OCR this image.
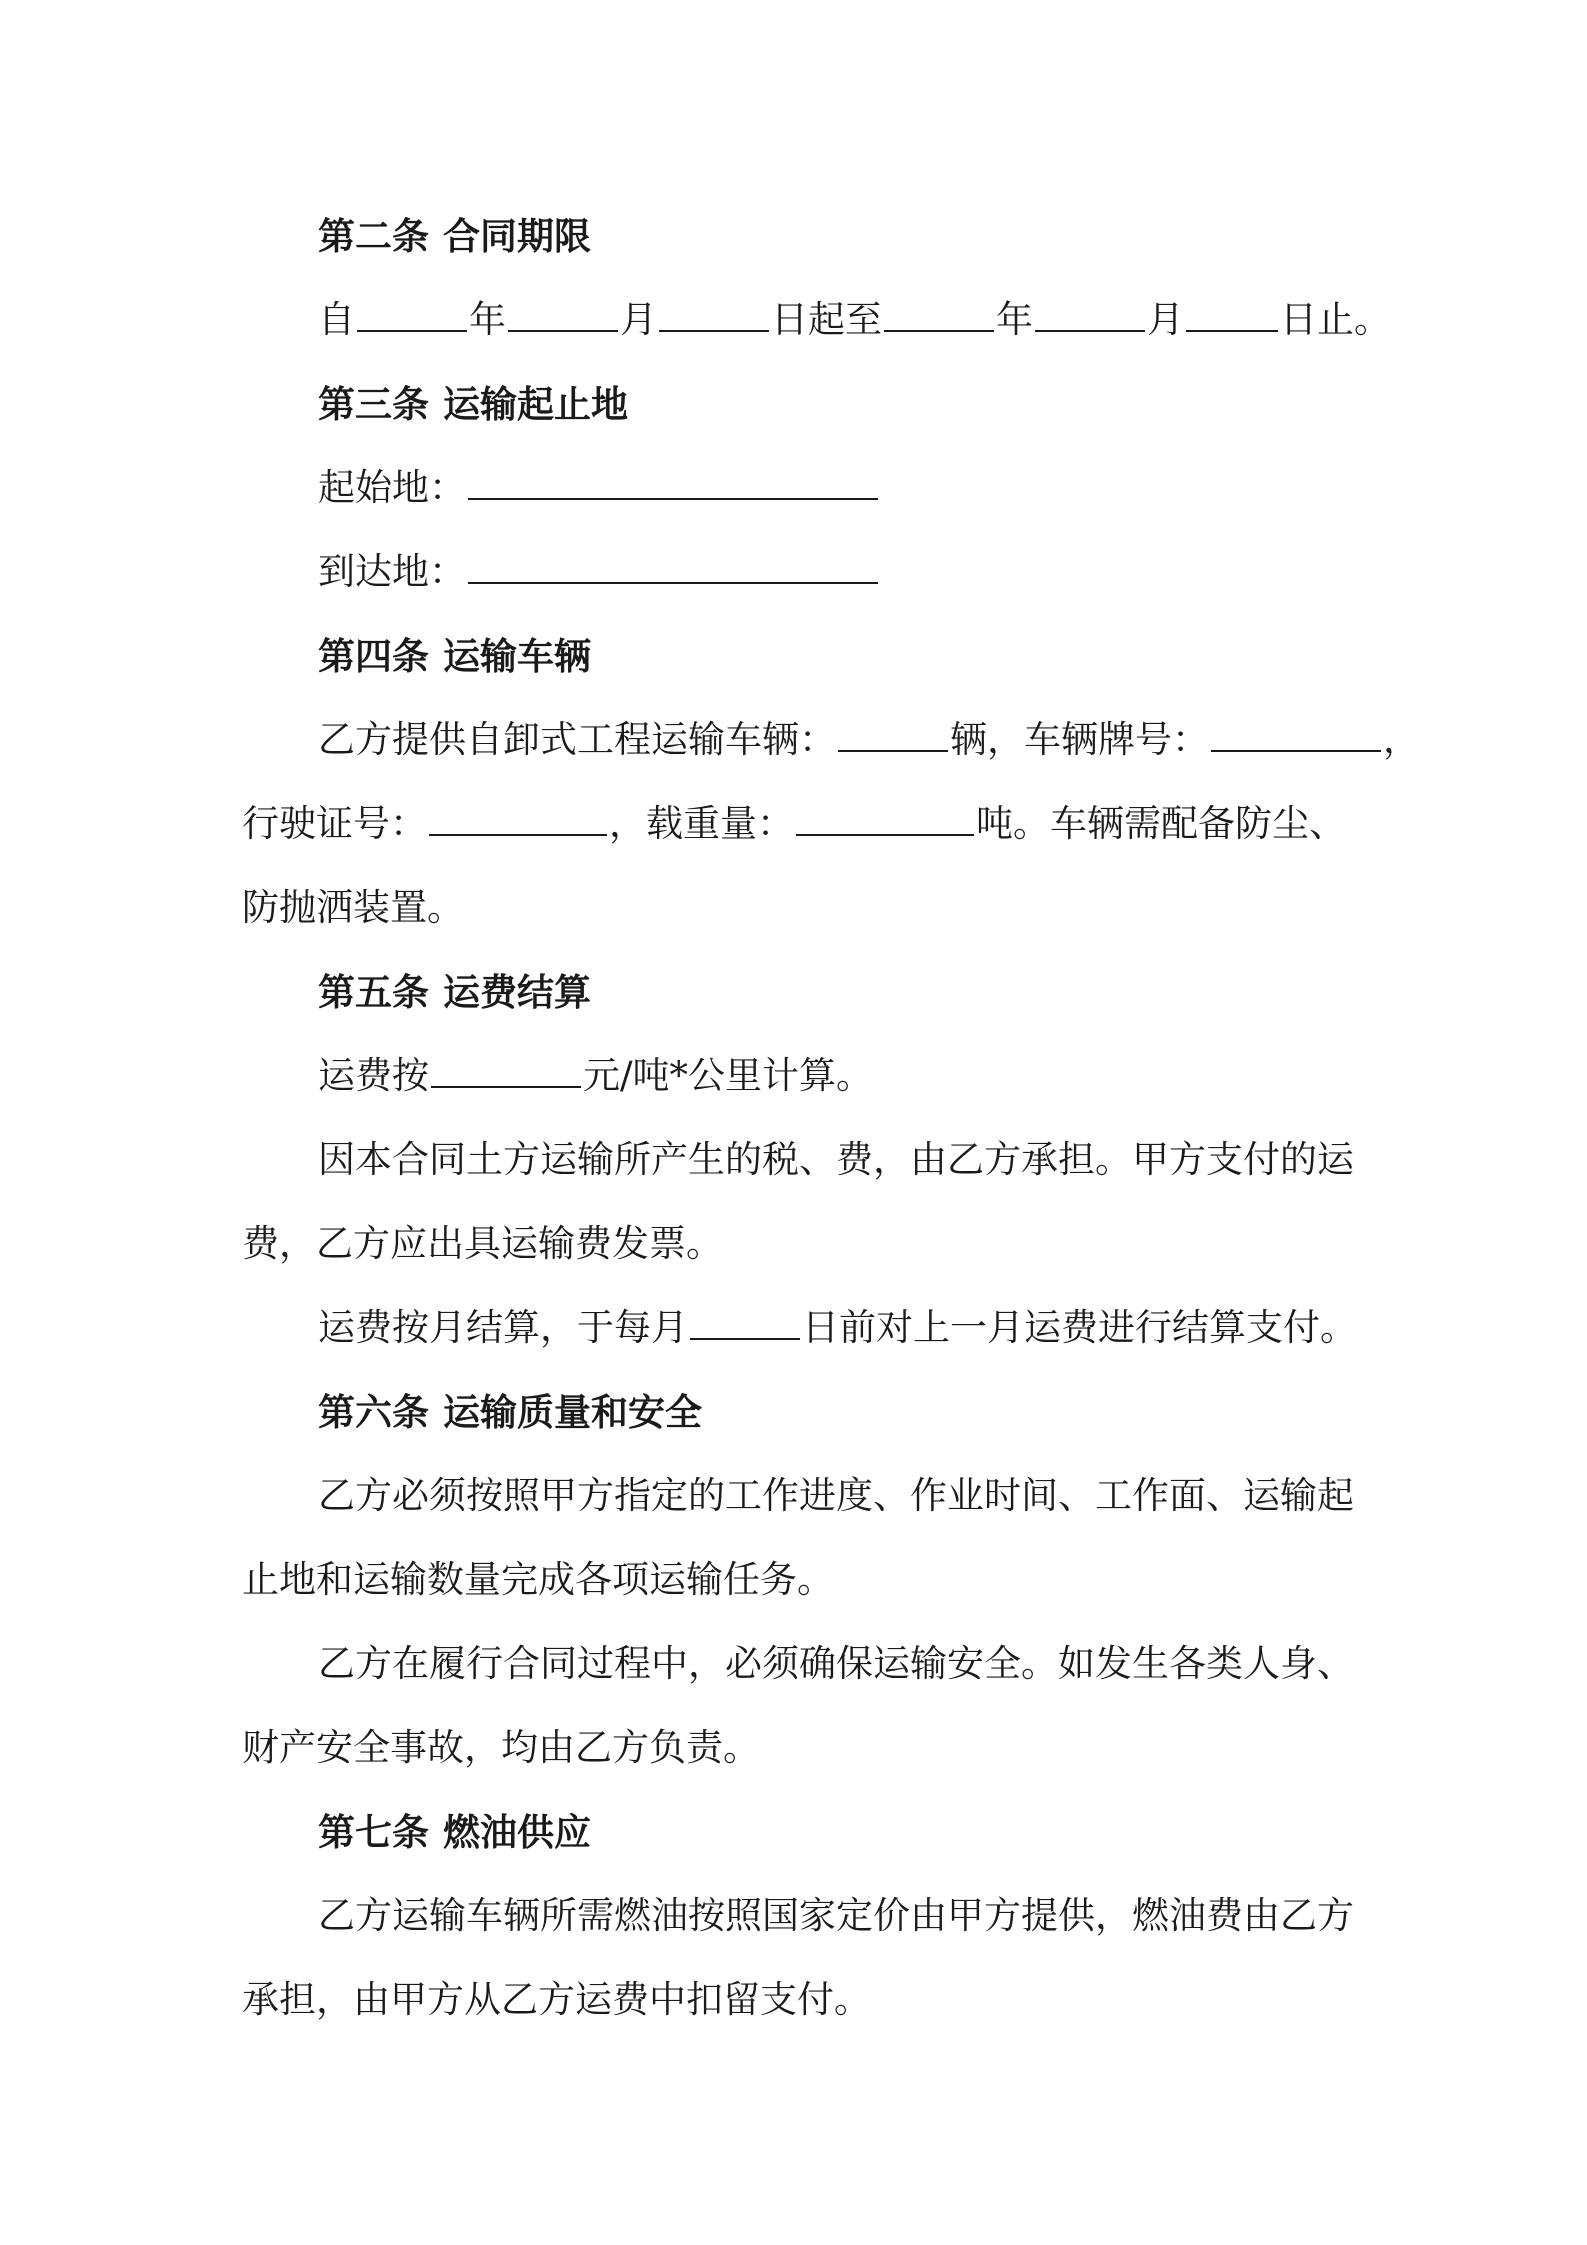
第二条 合同期限
自	年	月	日起至	年	月	日止。
第三条 运输起止地
起始地：
到达地：
第四条 运输车辆
乙方提供自卸式工程运输车辆：	辆，车辆牌号：	，
行驶证号：	，载重量：	吨。车辆需配备防尘、
防抛洒装置。
第五条 运费结算
运费按	元/吨*公里计算。
因本合同土方运输所产生的税、费，由乙方承担。甲方支付的运
费，乙方应出具运输费发票。
运费按月结算，于每月	日前对上一月运费进行结算支付。
第六条 运输质量和安全
乙方必须按照甲方指定的工作进度、作业时间、工作面、运输起
止地和运输数量完成各项运输任务。
乙方在履行合同过程中，必须确保运输安全。如发生各类人身、
财产安全事故，均由乙方负责。
第七条 燃油供应
乙方运输车辆所需燃油按照国家定价由甲方提供，燃油费由乙方
承担，由甲方从乙方运费中扣留支付。
